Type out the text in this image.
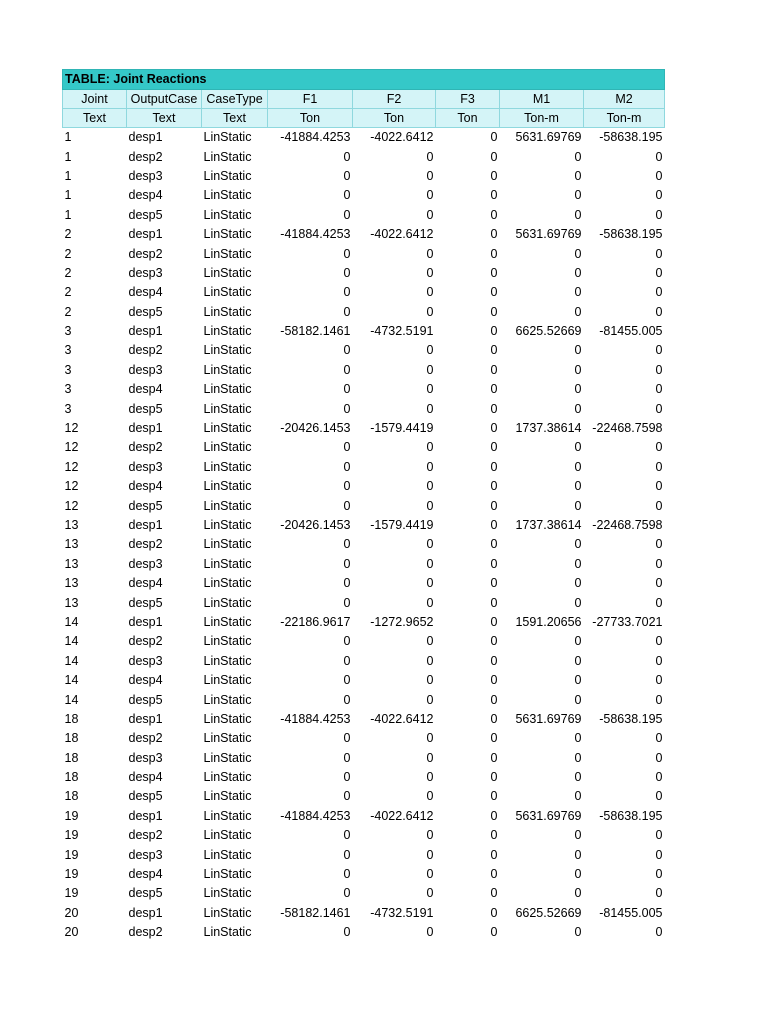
TABLE: Joint Reactions							
Joint	OutputCase	CaseType	F1	F2	F3	M1	M2
Text	Text	Text	Ton	Ton	Ton	Ton-m	Ton-m
1	desp1	LinStatic	-41884.4253	-4022.6412	0	5631.69769	-58638.195
1	desp2	LinStatic	0	0	0	0	0
1	desp3	LinStatic	0	0	0	0	0
1	desp4	LinStatic	0	0	0	0	0
1	desp5	LinStatic	0	0	0	0	0
2	desp1	LinStatic	-41884.4253	-4022.6412	0	5631.69769	-58638.195
2	desp2	LinStatic	0	0	0	0	0
2	desp3	LinStatic	0	0	0	0	0
2	desp4	LinStatic	0	0	0	0	0
2	desp5	LinStatic	0	0	0	0	0
3	desp1	LinStatic	-58182.1461	-4732.5191	0	6625.52669	-81455.005
3	desp2	LinStatic	0	0	0	0	0
3	desp3	LinStatic	0	0	0	0	0
3	desp4	LinStatic	0	0	0	0	0
3	desp5	LinStatic	0	0	0	0	0
12	desp1	LinStatic	-20426.1453	-1579.4419	0	1737.38614	-22468.7598
12	desp2	LinStatic	0	0	0	0	0
12	desp3	LinStatic	0	0	0	0	0
12	desp4	LinStatic	0	0	0	0	0
12	desp5	LinStatic	0	0	0	0	0
13	desp1	LinStatic	-20426.1453	-1579.4419	0	1737.38614	-22468.7598
13	desp2	LinStatic	0	0	0	0	0
13	desp3	LinStatic	0	0	0	0	0
13	desp4	LinStatic	0	0	0	0	0
13	desp5	LinStatic	0	0	0	0	0
14	desp1	LinStatic	-22186.9617	-1272.9652	0	1591.20656	-27733.7021
14	desp2	LinStatic	0	0	0	0	0
14	desp3	LinStatic	0	0	0	0	0
14	desp4	LinStatic	0	0	0	0	0
14	desp5	LinStatic	0	0	0	0	0
18	desp1	LinStatic	-41884.4253	-4022.6412	0	5631.69769	-58638.195
18	desp2	LinStatic	0	0	0	0	0
18	desp3	LinStatic	0	0	0	0	0
18	desp4	LinStatic	0	0	0	0	0
18	desp5	LinStatic	0	0	0	0	0
19	desp1	LinStatic	-41884.4253	-4022.6412	0	5631.69769	-58638.195
19	desp2	LinStatic	0	0	0	0	0
19	desp3	LinStatic	0	0	0	0	0
19	desp4	LinStatic	0	0	0	0	0
19	desp5	LinStatic	0	0	0	0	0
20	desp1	LinStatic	-58182.1461	-4732.5191	0	6625.52669	-81455.005
20	desp2	LinStatic	0	0	0	0	0
